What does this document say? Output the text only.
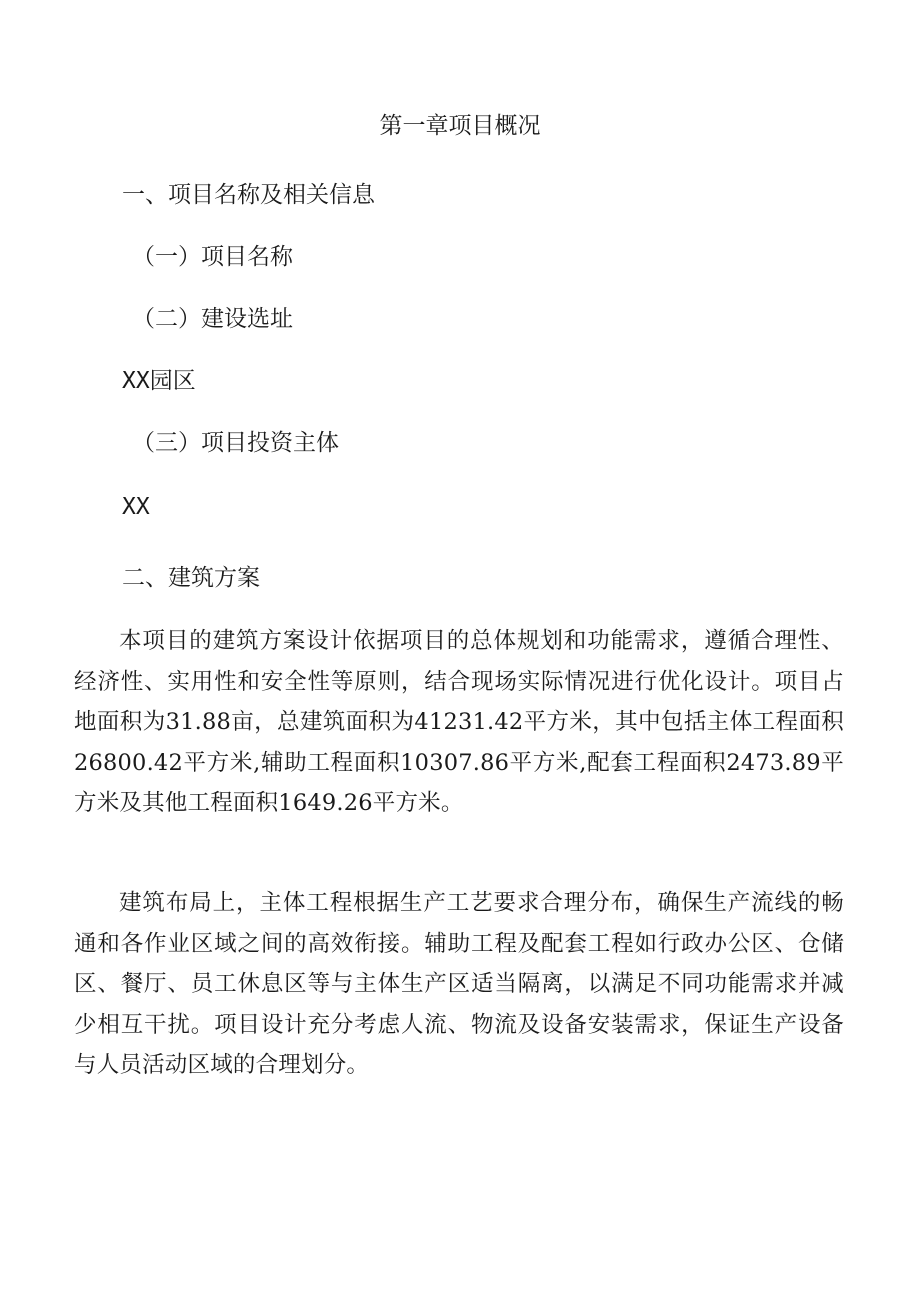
第一章项目概况
一、项目名称及相关信息
（一）项目名称
（二）建设选址
XX园区
（三）项目投资主体
XX
二、建筑方案
本项目的建筑方案设计依据项目的总体规划和功能需求，遵循合理性、经济性、实用性和安全性等原则，结合现场实际情况进行优化设计。项目占地面积为31.88亩，总建筑面积为41231.42平方米，其中包括主体工程面积26800.42平方米,辅助工程面积10307.86平方米,配套工程面积2473.89平方米及其他工程面积1649.26平方米。
建筑布局上，主体工程根据生产工艺要求合理分布，确保生产流线的畅通和各作业区域之间的高效衔接。辅助工程及配套工程如行政办公区、仓储区、餐厅、员工休息区等与主体生产区适当隔离，以满足不同功能需求并减少相互干扰。项目设计充分考虑人流、物流及设备安装需求，保证生产设备与人员活动区域的合理划分。
